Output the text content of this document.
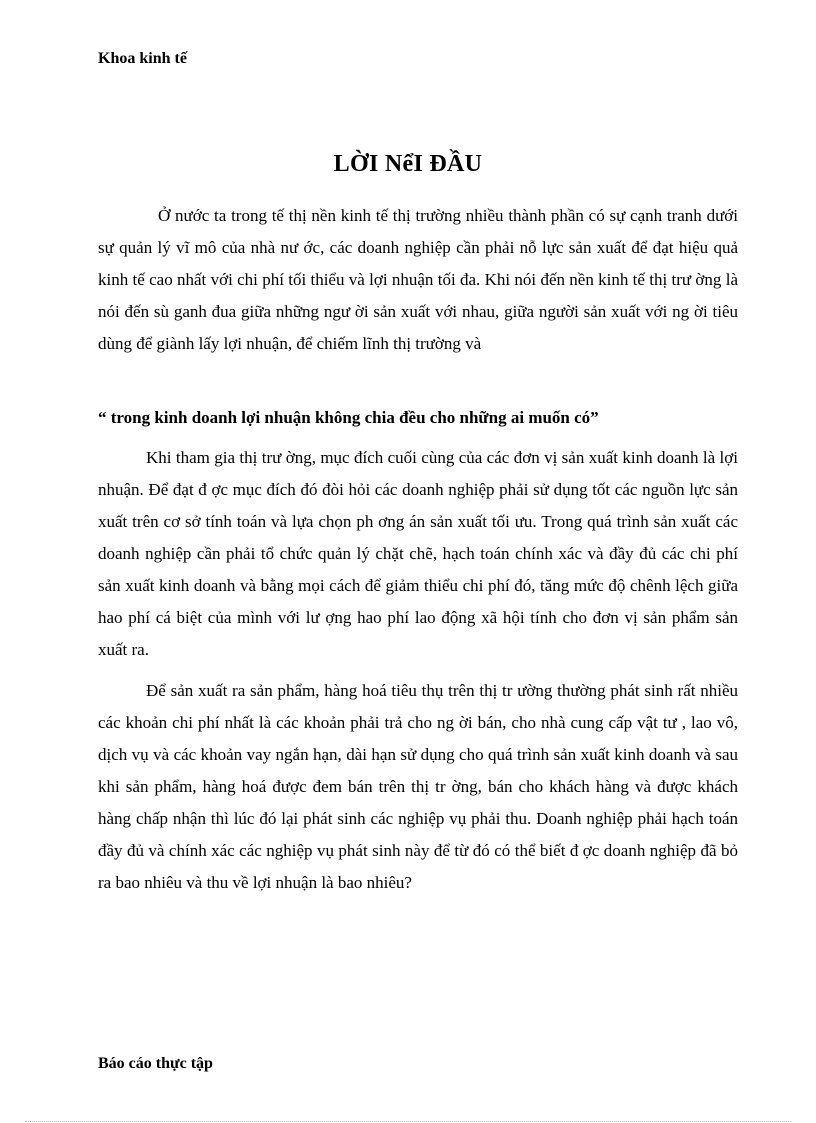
Khoa kinh tế
LỜI NểI ĐẦU
Ở nước ta trong tế thị nền kinh tế thị trường nhiều thành phần có sự cạnh tranh dưới sự quản lý vĩ mô của nhà nư ớc, các doanh nghiệp cần phải nỗ lực sản xuất để đạt hiệu quả kinh tế cao nhất với chi phí tối thiểu và lợi nhuận tối đa. Khi nói đến nền kinh tế thị trư ờng là nói đến sù ganh đua giữa những ngư ời sản xuất với nhau, giữa người sản xuất với ng ời tiêu dùng để giành lấy lợi nhuận, để chiếm lĩnh thị trường và
“ trong kinh doanh lợi nhuận không chia đều cho những ai muốn có”
Khi tham gia thị trư ờng, mục đích cuối cùng của các đơn vị sản xuất kinh doanh là lợi nhuận. Để đạt đ ợc mục đích đó đòi hỏi các doanh nghiệp phải sử dụng tốt các nguồn lực sản xuất trên cơ sở tính toán và lựa chọn ph ơng án sản xuất tối ưu. Trong quá trình sản xuất các doanh nghiệp cần phải tổ chức quản lý chặt chẽ, hạch toán chính xác và đầy đủ các chi phí sản xuất kinh doanh và bằng mọi cách để giảm thiểu chi phí đó, tăng mức độ chênh lệch giữa hao phí cá biệt của mình với lư ợng hao phí lao động xã hội tính cho đơn vị sản phẩm sản xuất ra.
Để sản xuất ra sản phẩm, hàng hoá tiêu thụ trên thị tr ường thường phát sinh rất nhiều các khoản chi phí nhất là các khoản phải trả cho ng ời bán, cho nhà cung cấp vật tư , lao vô, dịch vụ và các khoản vay ngắn hạn, dài hạn sử dụng cho quá trình sản xuất kinh doanh và sau khi sản phẩm, hàng hoá được đem bán trên thị tr ờng, bán cho khách hàng và được khách hàng chấp nhận thì lúc đó lại phát sinh các nghiệp vụ phải thu. Doanh nghiệp phải hạch toán đầy đủ và chính xác các nghiệp vụ phát sinh này để từ đó có thể biết đ ợc doanh nghiệp đã bỏ ra bao nhiêu và thu về lợi nhuận là bao nhiêu?
Báo cáo thực tập
